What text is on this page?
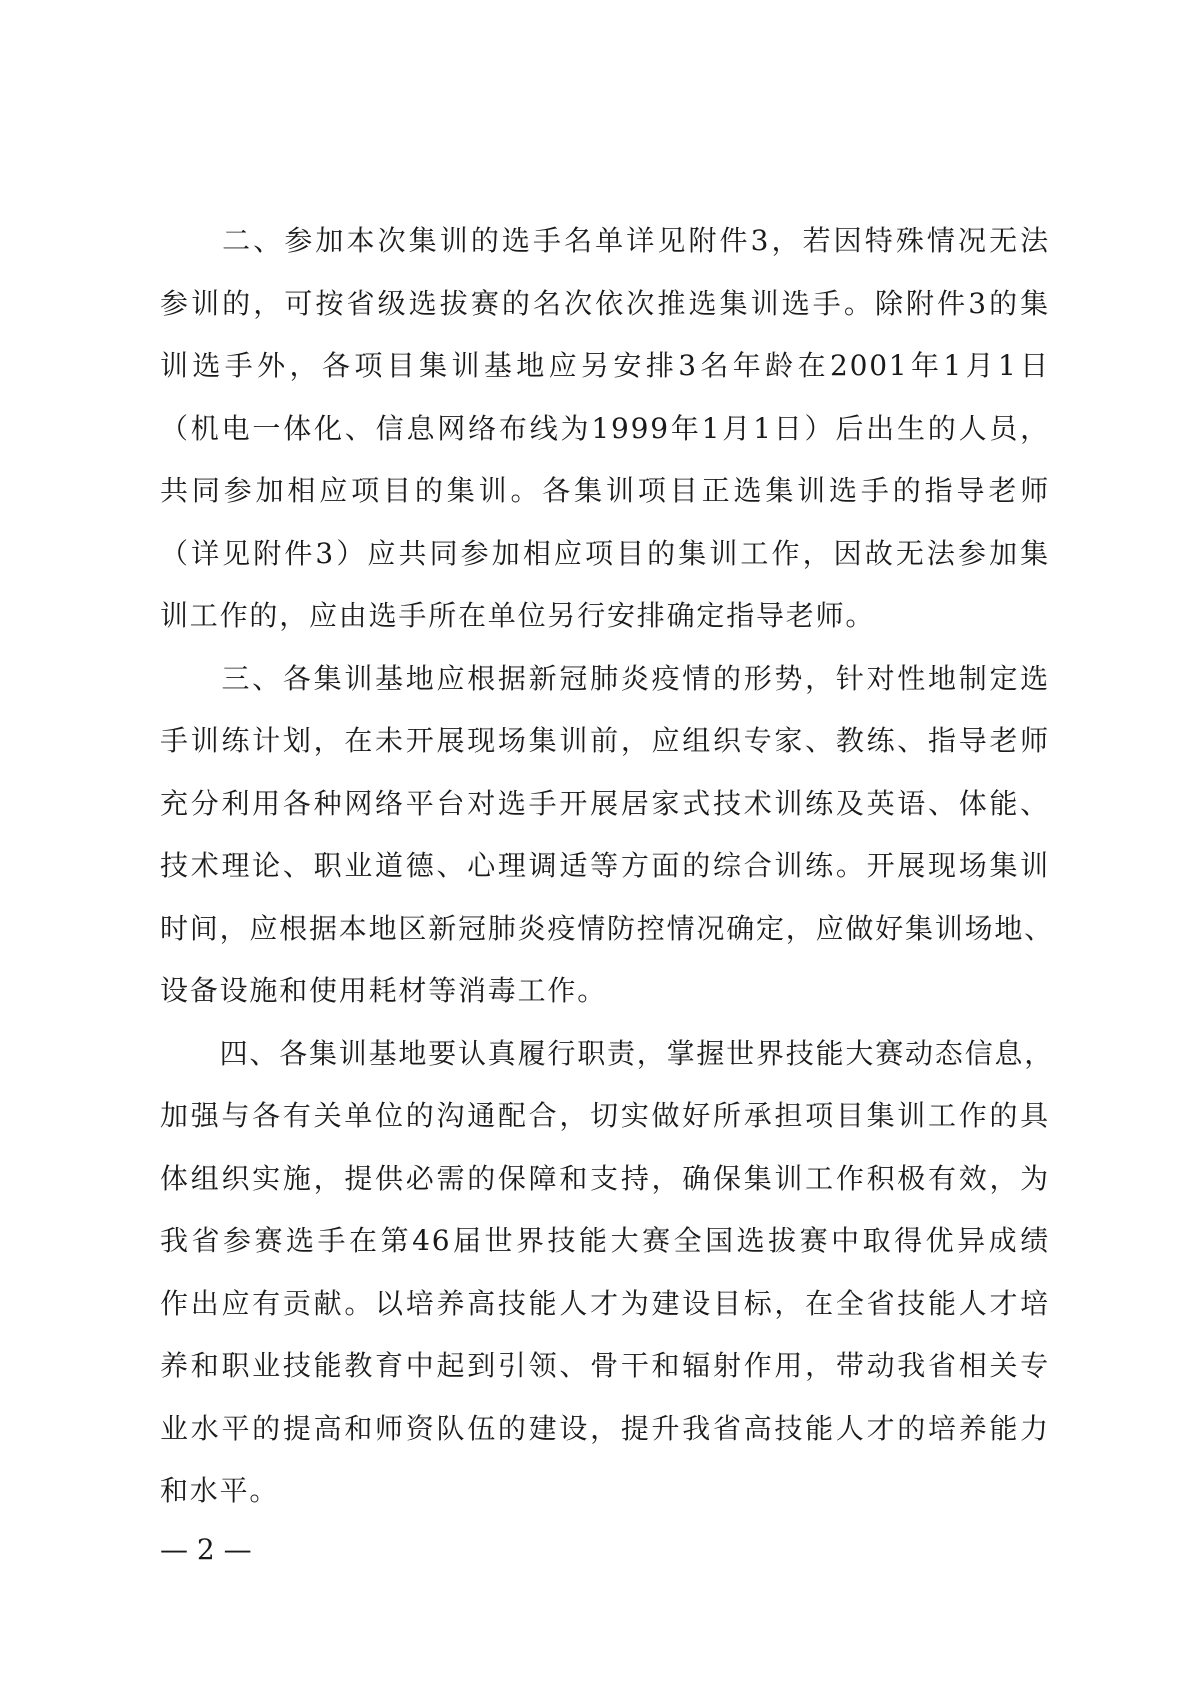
　　二、参加本次集训的选手名单详见附件3，若因特殊情况无法
参训的，可按省级选拔赛的名次依次推选集训选手。除附件3的集
训选手外，各项目集训基地应另安排3名年龄在2001年1月1日
（机电一体化、信息网络布线为1999年1月1日）后出生的人员，
共同参加相应项目的集训。各集训项目正选集训选手的指导老师
（详见附件3）应共同参加相应项目的集训工作，因故无法参加集
训工作的，应由选手所在单位另行安排确定指导老师。
　　三、各集训基地应根据新冠肺炎疫情的形势，针对性地制定选
手训练计划，在未开展现场集训前，应组织专家、教练、指导老师
充分利用各种网络平台对选手开展居家式技术训练及英语、体能、
技术理论、职业道德、心理调适等方面的综合训练。开展现场集训
时间，应根据本地区新冠肺炎疫情防控情况确定，应做好集训场地、
设备设施和使用耗材等消毒工作。
　　四、各集训基地要认真履行职责，掌握世界技能大赛动态信息，
加强与各有关单位的沟通配合，切实做好所承担项目集训工作的具
体组织实施，提供必需的保障和支持，确保集训工作积极有效，为
我省参赛选手在第46届世界技能大赛全国选拔赛中取得优异成绩
作出应有贡献。以培养高技能人才为建设目标，在全省技能人才培
养和职业技能教育中起到引领、骨干和辐射作用，带动我省相关专
业水平的提高和师资队伍的建设，提升我省高技能人才的培养能力
和水平。
— 2 —
